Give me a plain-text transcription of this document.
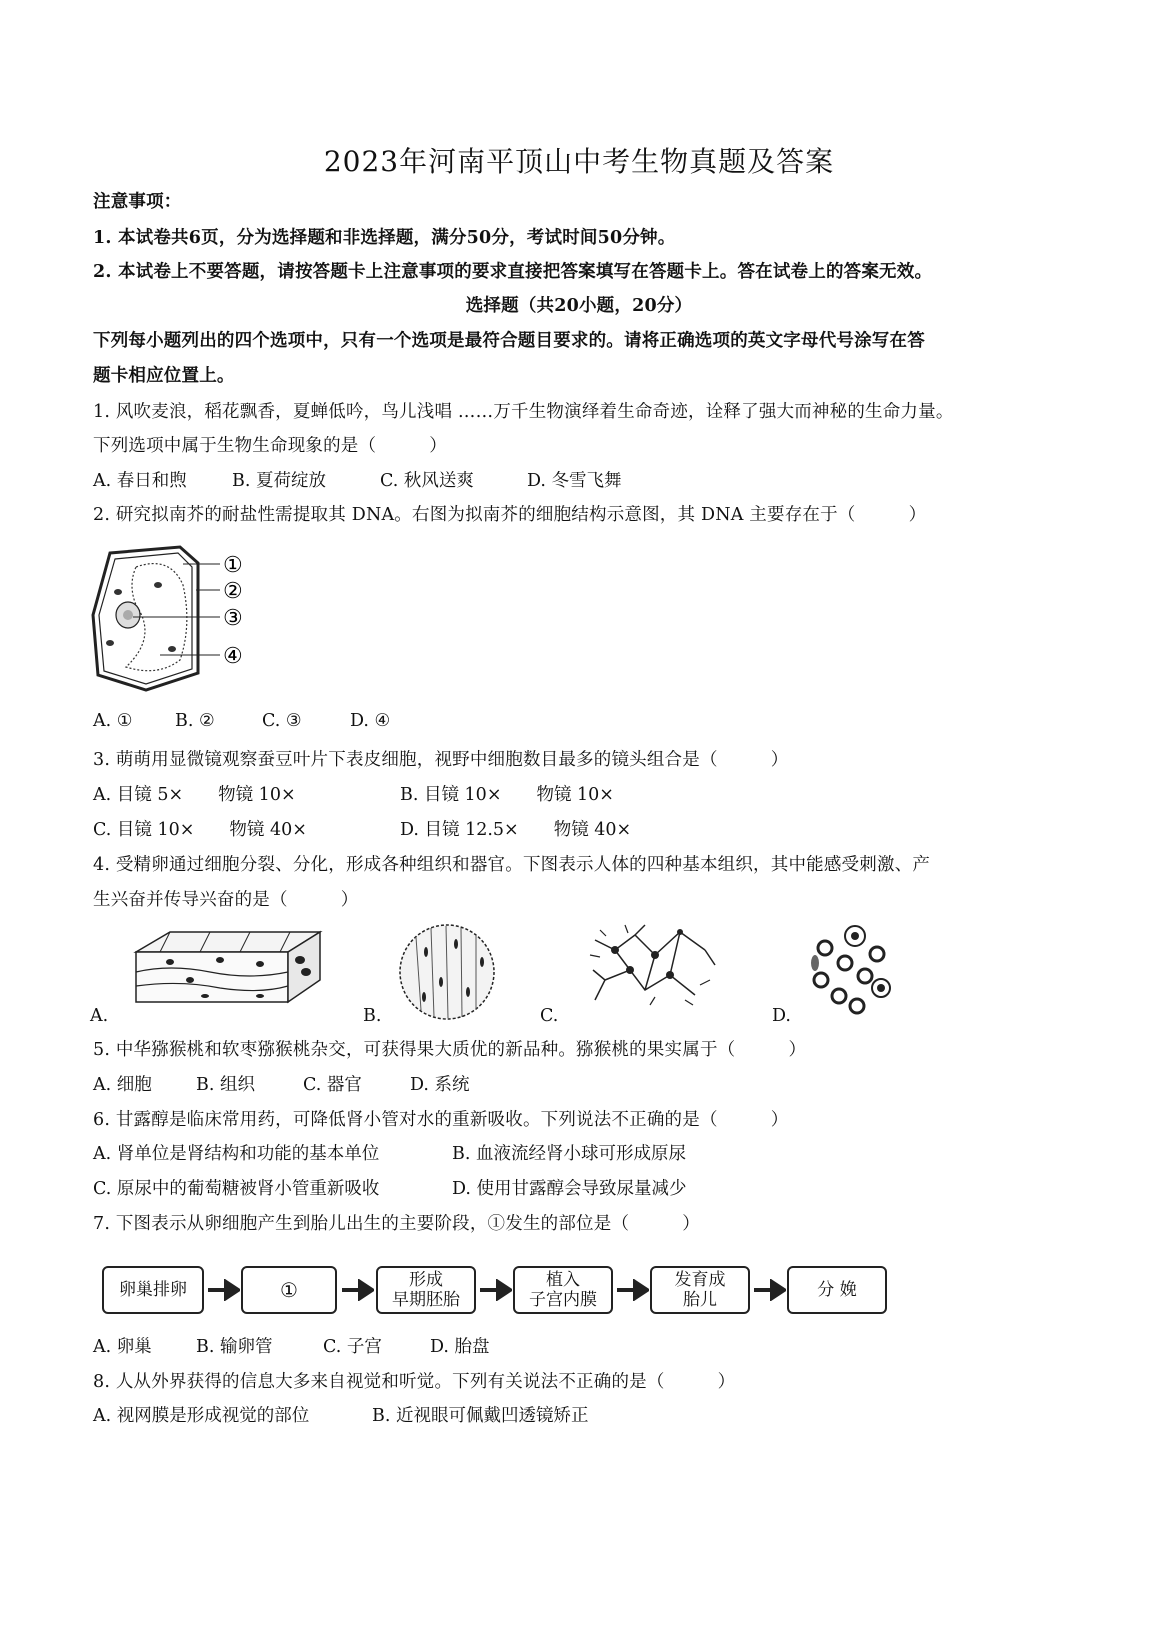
2023年河南平顶山中考生物真题及答案
注意事项：
1. 本试卷共6页，分为选择题和非选择题，满分50分，考试时间50分钟。
2. 本试卷上不要答题，请按答题卡上注意事项的要求直接把答案填写在答题卡上。答在试卷上的答案无效。
选择题（共20小题，20分）
下列每小题列出的四个选项中，只有一个选项是最符合题目要求的。请将正确选项的英文字母代号涂写在答
题卡相应位置上。
1. 风吹麦浪，稻花飘香，夏蝉低吟，鸟儿浅唱 ……万千生物演绎着生命奇迹，诠释了强大而神秘的生命力量。
下列选项中属于生物生命现象的是（　　　）
A. 春日和煦	B. 夏荷绽放	C. 秋风送爽	D. 冬雪飞舞
2. 研究拟南芥的耐盐性需提取其 DNA。右图为拟南芥的细胞结构示意图，其 DNA 主要存在于（　　　）
①
②
③
④
A. ① B. ②	C. ③	D. ④
3. 萌萌用显微镜观察蚕豆叶片下表皮细胞，视野中细胞数目最多的镜头组合是（　　　）
A. 目镜 5×　　物镜 10×	B. 目镜 10×　　物镜 10×
C. 目镜 10×　　物镜 40×	D. 目镜 12.5×　　物镜 40×
4. 受精卵通过细胞分裂、分化，形成各种组织和器官。下图表示人体的四种基本组织，其中能感受刺激、产
生兴奋并传导兴奋的是（　　　）
A.	B.	C.	D.
5. 中华猕猴桃和软枣猕猴桃杂交，可获得果大质优的新品种。猕猴桃的果实属于（　　　）
A. 细胞	B. 组织	C. 器官	D. 系统
6. 甘露醇是临床常用药，可降低肾小管对水的重新吸收。下列说法不正确的是（　　　）
A. 肾单位是肾结构和功能的基本单位	B. 血液流经肾小球可形成原尿
C. 原尿中的葡萄糖被肾小管重新吸收	D. 使用甘露醇会导致尿量减少
7. 下图表示从卵细胞产生到胎儿出生的主要阶段，①发生的部位是（　　　）
卵巢排卵	①	形成
早期胚胎
植入
子宫内膜
发育成
胎儿	分 娩
A. 卵巢	B. 输卵管	C. 子宫	D. 胎盘
8. 人从外界获得的信息大多来自视觉和听觉。下列有关说法不正确的是（　　　）
A. 视网膜是形成视觉的部位	B. 近视眼可佩戴凹透镜矫正
